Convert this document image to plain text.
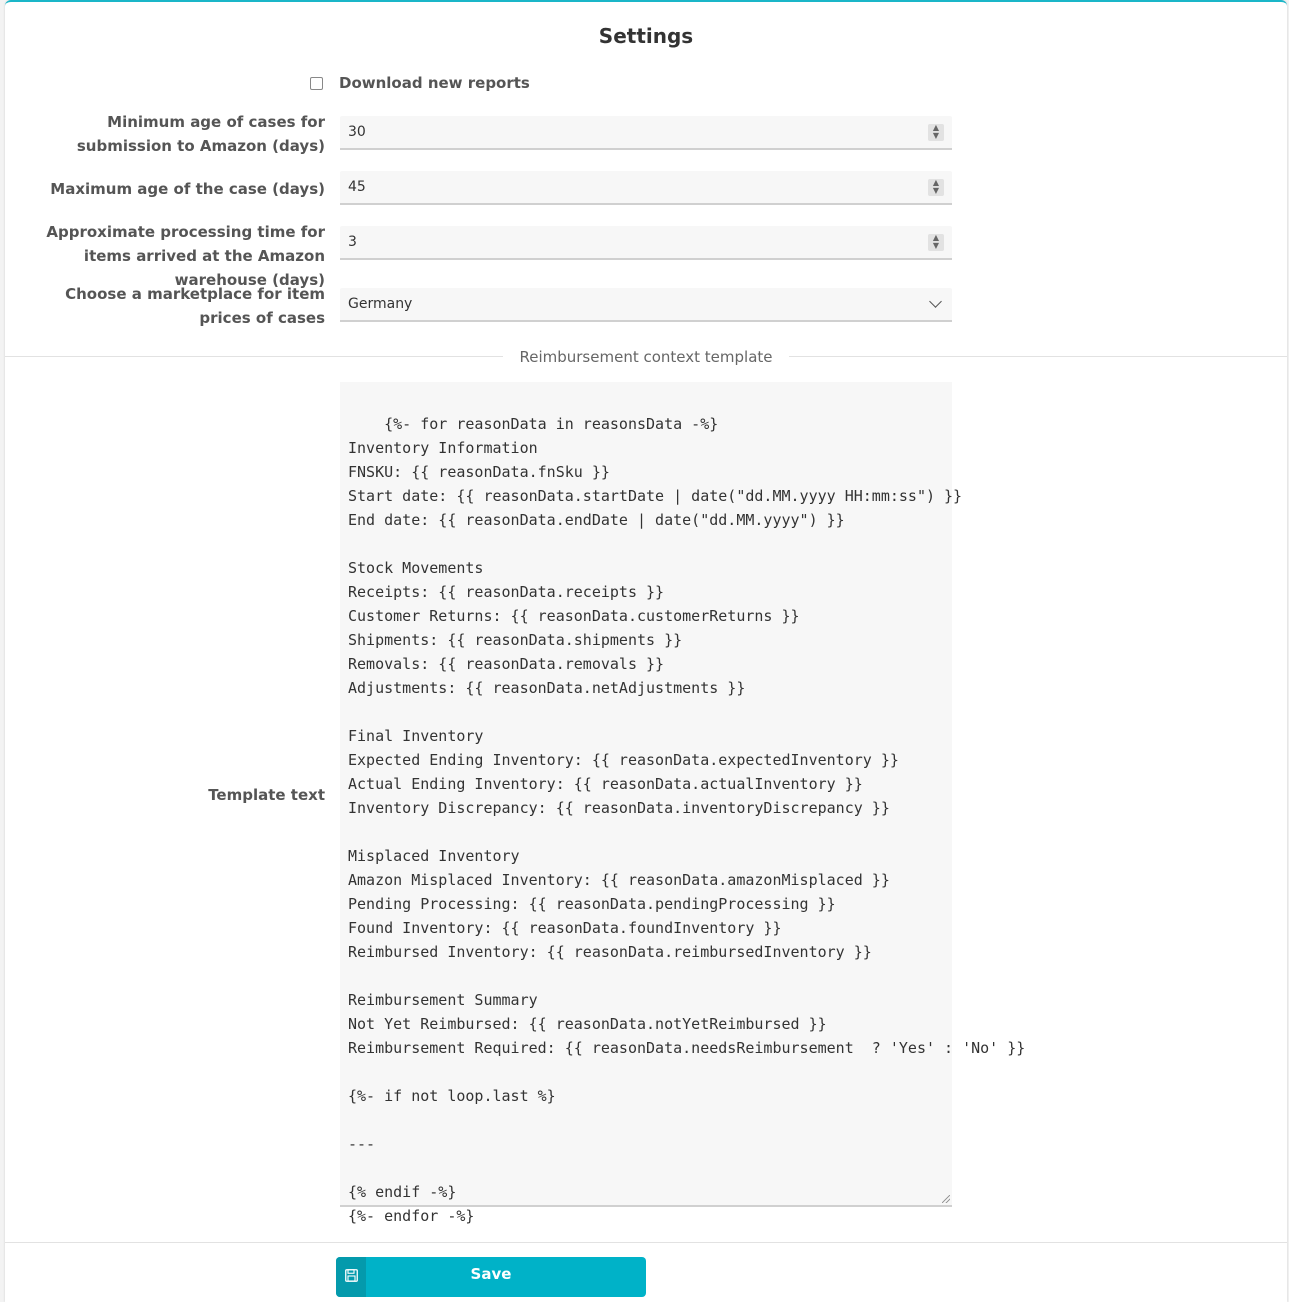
Settings
Download new reports
Minimum age of cases for submission to Amazon (days)
30	▲
▼
Maximum age of the case (days) 45	▲
▼
Approximate processing time for items arrived at the Amazon warehouse (days)
3	▲
▼
Choose a marketplace for item prices of cases
Germany
Reimbursement context template
Template text

{%- for reasonData in reasonsData -%}
Inventory Information
FNSKU: {{ reasonData.fnSku }}
Start date: {{ reasonData.startDate | date("dd.MM.yyyy HH:mm:ss") }}
End date: {{ reasonData.endDate | date("dd.MM.yyyy") }}

Stock Movements
Receipts: {{ reasonData.receipts }}
Customer Returns: {{ reasonData.customerReturns }}
Shipments: {{ reasonData.shipments }}
Removals: {{ reasonData.removals }}
Adjustments: {{ reasonData.netAdjustments }}

Final Inventory
Expected Ending Inventory: {{ reasonData.expectedInventory }}
Actual Ending Inventory: {{ reasonData.actualInventory }}
Inventory Discrepancy: {{ reasonData.inventoryDiscrepancy }}

Misplaced Inventory
Amazon Misplaced Inventory: {{ reasonData.amazonMisplaced }}
Pending Processing: {{ reasonData.pendingProcessing }}
Found Inventory: {{ reasonData.foundInventory }}
Reimbursed Inventory: {{ reasonData.reimbursedInventory }}

Reimbursement Summary
Not Yet Reimbursed: {{ reasonData.notYetReimbursed }}
Reimbursement Required: {{ reasonData.needsReimbursement  ? 'Yes' : 'No' }}

{%- if not loop.last %}

---

{% endif -%}
{%- endfor -%}

Save
